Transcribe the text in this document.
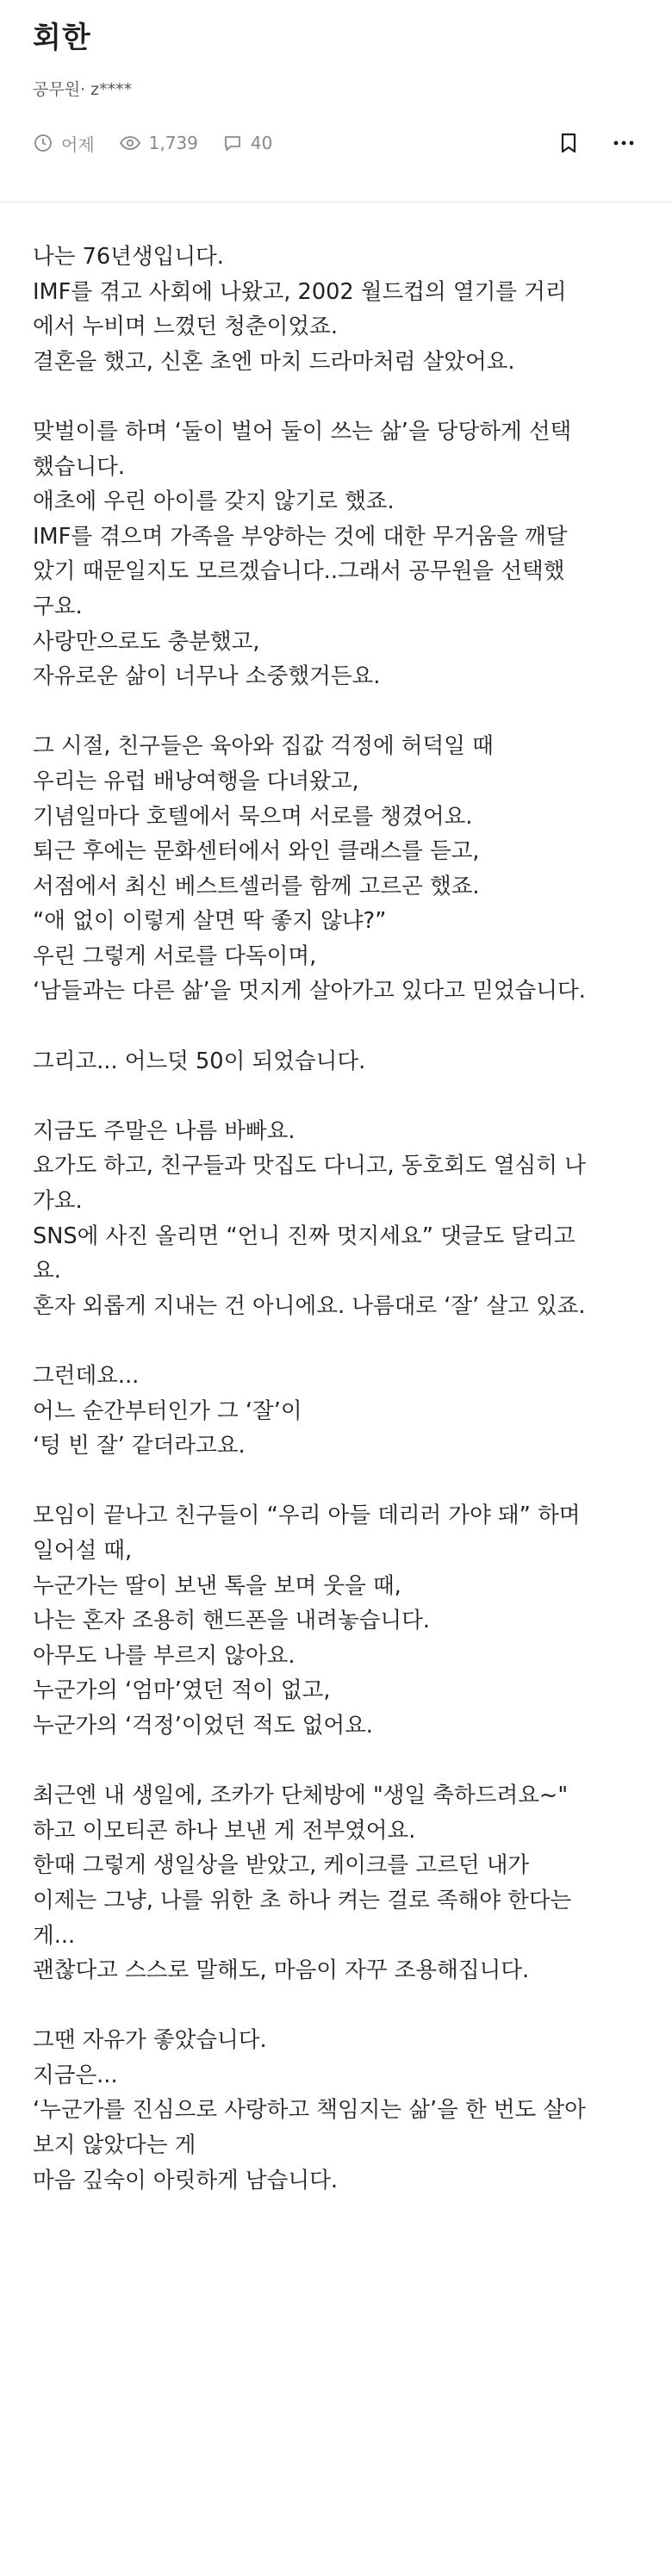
회한
공무원· z****
어제	1,739	40
나는 76년생입니다.
IMF를 겪고 사회에 나왔고, 2002 월드컵의 열기를 거리
에서 누비며 느꼈던 청춘이었죠.
결혼을 했고, 신혼 초엔 마치 드라마처럼 살았어요.
맞벌이를 하며 ‘둘이 벌어 둘이 쓰는 삶’을 당당하게 선택
했습니다.
애초에 우린 아이를 갖지 않기로 했죠.
IMF를 겪으며 가족을 부양하는 것에 대한 무거움을 깨달
았기 때문일지도 모르겠습니다..그래서 공무원을 선택했
구요.
사랑만으로도 충분했고,
자유로운 삶이 너무나 소중했거든요.
그 시절, 친구들은 육아와 집값 걱정에 허덕일 때
우리는 유럽 배낭여행을 다녀왔고,
기념일마다 호텔에서 묵으며 서로를 챙겼어요.
퇴근 후에는 문화센터에서 와인 클래스를 듣고,
서점에서 최신 베스트셀러를 함께 고르곤 했죠.
“애 없이 이렇게 살면 딱 좋지 않냐?”
우린 그렇게 서로를 다독이며,
‘남들과는 다른 삶’을 멋지게 살아가고 있다고 믿었습니다.
그리고... 어느덧 50이 되었습니다.
지금도 주말은 나름 바빠요.
요가도 하고, 친구들과 맛집도 다니고, 동호회도 열심히 나
가요.
SNS에 사진 올리면 “언니 진짜 멋지세요” 댓글도 달리고
요.
혼자 외롭게 지내는 건 아니에요. 나름대로 ‘잘’ 살고 있죠.
그런데요...
어느 순간부터인가 그 ‘잘’이
‘텅 빈 잘’ 같더라고요.
모임이 끝나고 친구들이 “우리 아들 데리러 가야 돼” 하며
일어설 때,
누군가는 딸이 보낸 톡을 보며 웃을 때,
나는 혼자 조용히 핸드폰을 내려놓습니다.
아무도 나를 부르지 않아요.
누군가의 ‘엄마’였던 적이 없고,
누군가의 ‘걱정’이었던 적도 없어요.
최근엔 내 생일에, 조카가 단체방에 "생일 축하드려요~"
하고 이모티콘 하나 보낸 게 전부였어요.
한때 그렇게 생일상을 받았고, 케이크를 고르던 내가
이제는 그냥, 나를 위한 초 하나 켜는 걸로 족해야 한다는
게...
괜찮다고 스스로 말해도, 마음이 자꾸 조용해집니다.
그땐 자유가 좋았습니다.
지금은...
‘누군가를 진심으로 사랑하고 책임지는 삶’을 한 번도 살아
보지 않았다는 게
마음 깊숙이 아릿하게 남습니다.
